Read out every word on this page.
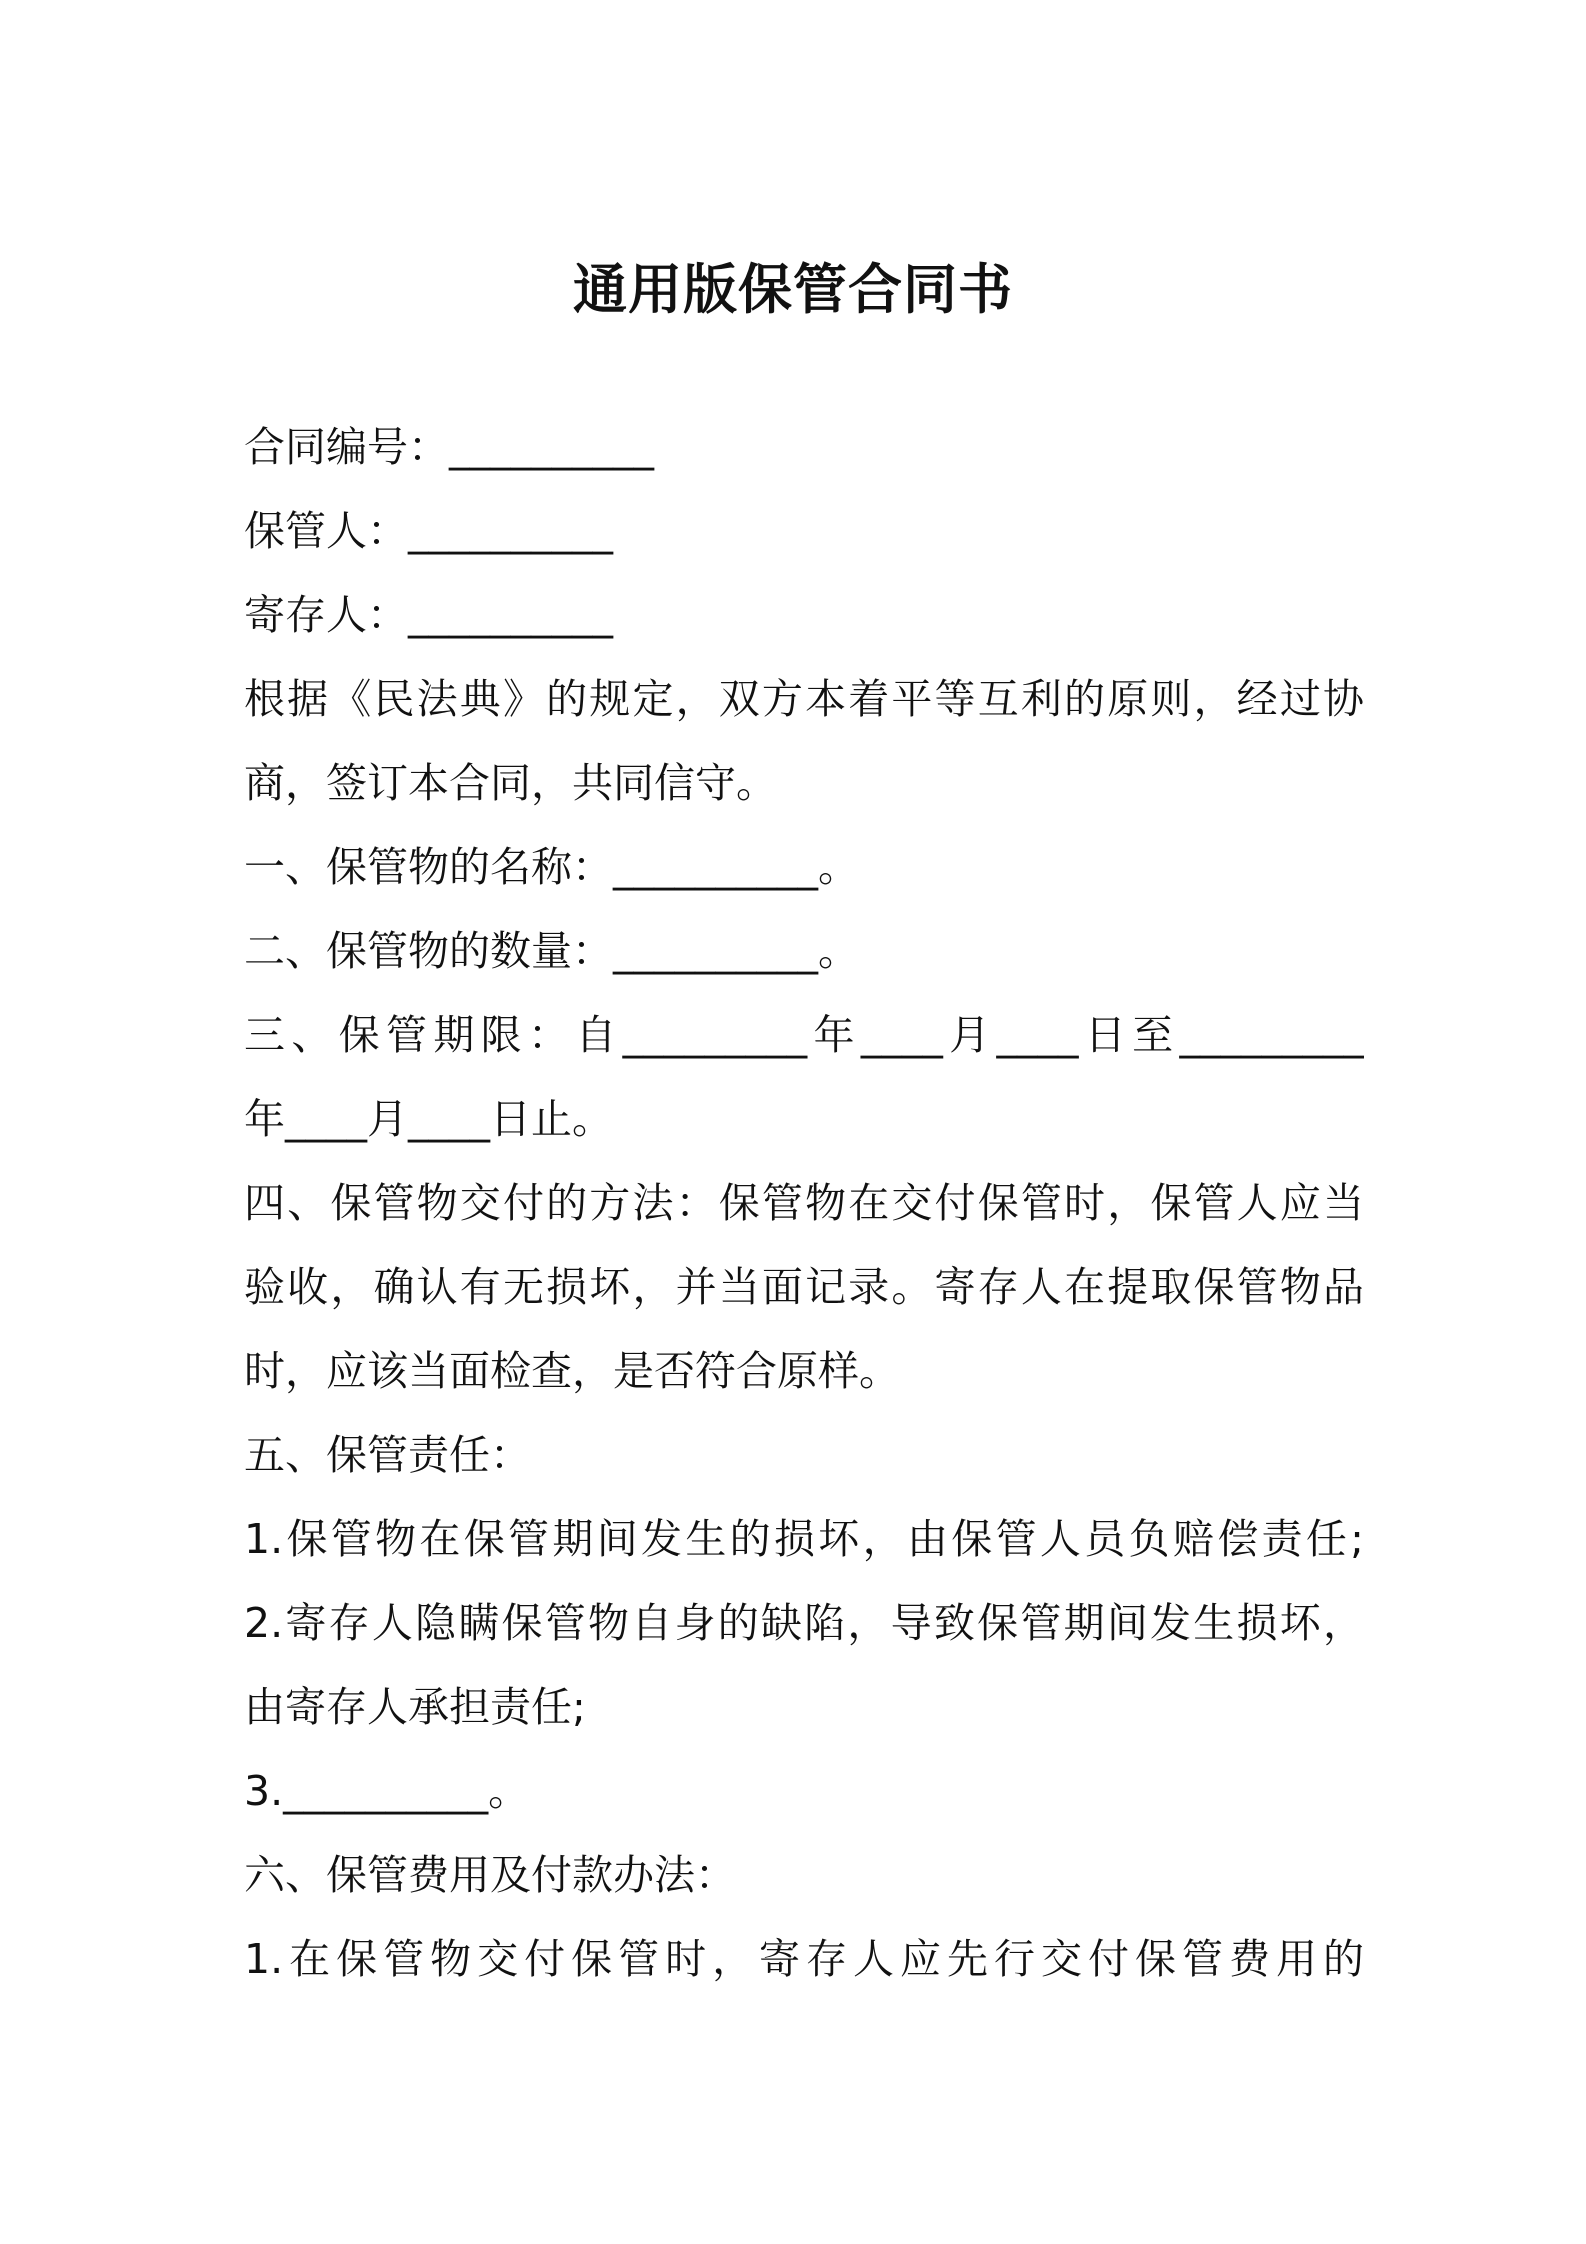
通用版保管合同书

合同编号：__________

保管人：__________

寄存人：__________

根据《民法典》的规定，双方本着平等互利的原则，经过协

商，签订本合同，共同信守。

一、保管物的名称：__________。

二、保管物的数量：__________。

三、保管期限：自_________年____月____日至_________

年____月____日止。

四、保管物交付的方法：保管物在交付保管时，保管人应当

验收，确认有无损坏，并当面记录。寄存人在提取保管物品

时，应该当面检查，是否符合原样。

五、保管责任：

1.保管物在保管期间发生的损坏，由保管人员负赔偿责任;

2.寄存人隐瞒保管物自身的缺陷，导致保管期间发生损坏，

由寄存人承担责任;

3.__________。

六、保管费用及付款办法：

1.在保管物交付保管时，寄存人应先行交付保管费用的
